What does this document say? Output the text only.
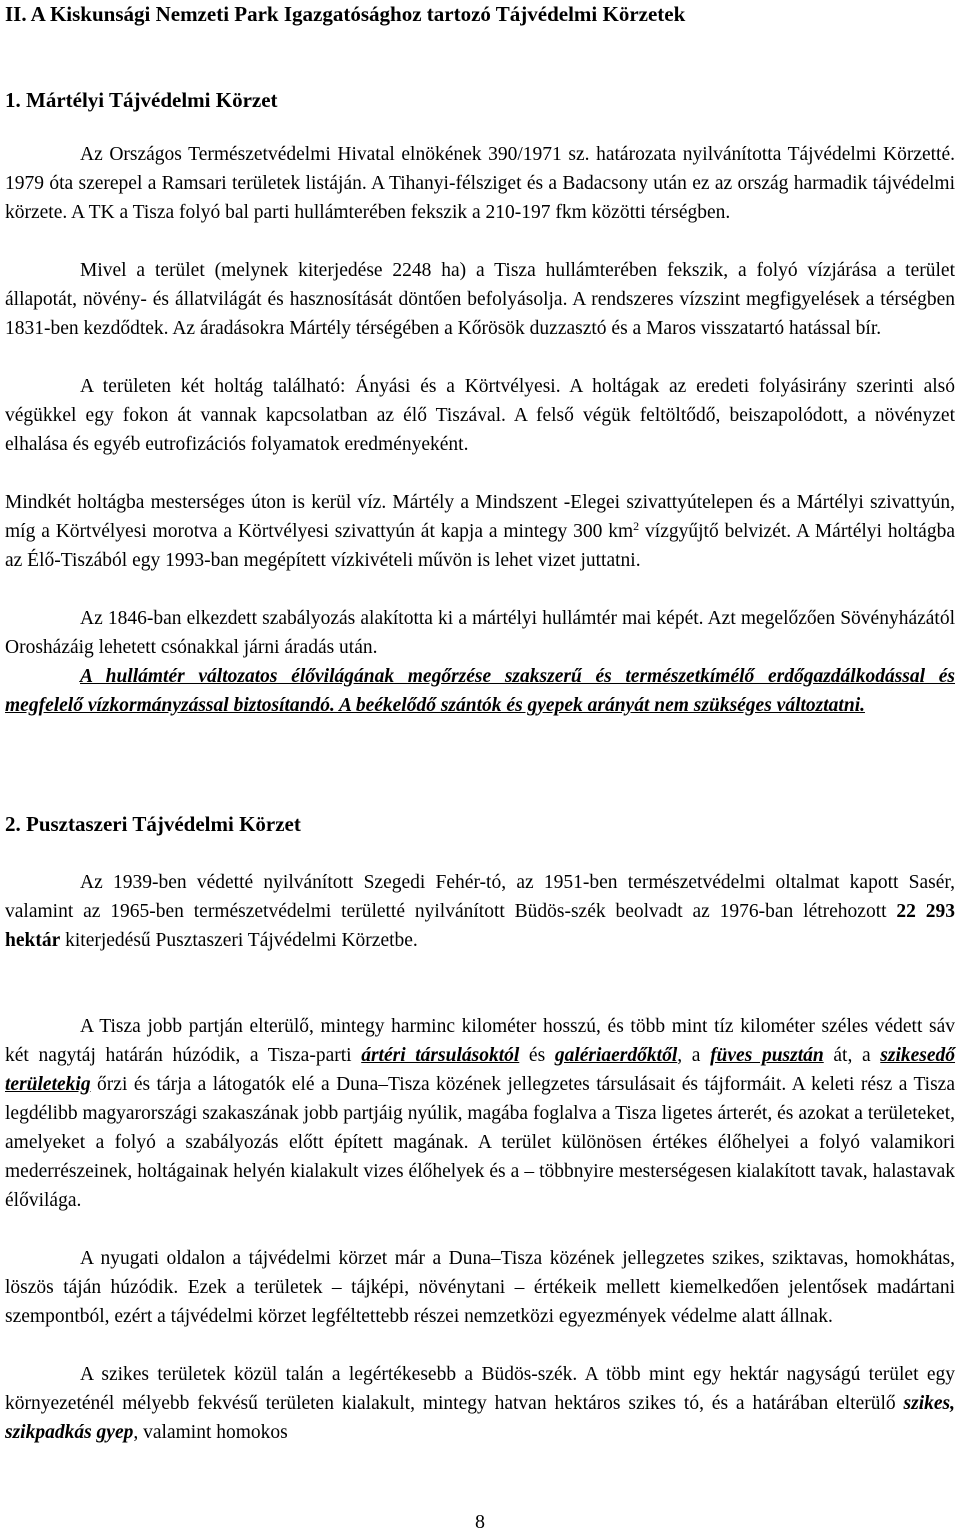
II. A Kiskunsági Nemzeti Park Igazgatósághoz tartozó Tájvédelmi Körzetek
1. Mártélyi Tájvédelmi Körzet

Az Országos Természetvédelmi Hivatal elnökének 390/1971 sz. határozata nyilvánította Tájvédelmi Körzetté. 1979 óta szerepel a Ramsari területek listáján. A Tihanyi-félsziget és a Badacsony után ez az ország harmadik tájvédelmi körzete. A TK a Tisza folyó bal parti hullámterében fekszik a 210-197 fkm közötti térségben.

Mivel a terület (melynek kiterjedése 2248 ha) a Tisza hullámterében fekszik, a folyó vízjárása a terület állapotát, növény- és állatvilágát és hasznosítását döntően befolyásolja. A rendszeres vízszint megfigyelések a térségben 1831-ben kezdődtek. Az áradásokra Mártély térségében a Kőrösök duzzasztó és a Maros visszatartó hatással bír.

A területen két holtág található: Ányási és a Körtvélyesi. A holtágak az eredeti folyásirány szerinti alsó végükkel egy fokon át vannak kapcsolatban az élő Tiszával. A felső végük feltöltődő, beiszapolódott, a növényzet elhalása és egyéb eutrofizációs folyamatok eredményeként.

Mindkét holtágba mesterséges úton is kerül víz. Mártély a Mindszent -Elegei szivattyútelepen és a Mártélyi szivattyún, míg a Körtvélyesi morotva a Körtvélyesi szivattyún át kapja a mintegy 300 $km^2$ vízgyűjtő belvizét. A Mártélyi holtágba az Élő-Tiszából egy 1993-ban megépített vízkivételi művön is lehet vizet juttatni.

Az 1846-ban elkezdett szabályozás alakította ki a mártélyi hullámtér mai képét. Azt megelőzően Sövényházától Orosházáig lehetett csónakkal járni áradás után.

A hullámtér változatos élővilágának megőrzése szakszerű és természetkímélő erdőgazdálkodással és megfelelő vízkormányzással biztosítandó. A beékelődő szántók és gyepek arányát nem szükséges változtatni.

2. Pusztaszeri Tájvédelmi Körzet

Az 1939-ben védetté nyilvánított Szegedi Fehér-tó, az 1951-ben természetvédelmi oltalmat kapott Sasér, valamint az 1965-ben természetvédelmi területté nyilvánított Büdös-szék beolvadt az 1976-ban létrehozott 22 293 hektár kiterjedésű Pusztaszeri Tájvédelmi Körzetbe.

A Tisza jobb partján elterülő, mintegy harminc kilométer hosszú, és több mint tíz kilométer széles védett sáv két nagytáj határán húzódik, a Tisza-parti ártéri társulásoktól és galériaerdőktől, a füves pusztán át, a szikesedő területekig őrzi és tárja a látogatók elé a Duna–Tisza közének jellegzetes társulásait és tájformáit. A keleti rész a Tisza legdélibb magyarországi szakaszának jobb partjáig nyúlik, magába foglalva a Tisza ligetes árterét, és azokat a területeket, amelyeket a folyó a szabályozás előtt épített magának. A terület különösen értékes élőhelyei a folyó valamikori mederrészeinek, holtágainak helyén kialakult vizes élőhelyek és a – többnyire mesterségesen kialakított tavak, halastavak élővilága.

A nyugati oldalon a tájvédelmi körzet már a Duna–Tisza közének jellegzetes szikes, sziktavas, homokhátas, löszös táján húzódik. Ezek a területek – tájképi, növénytani – értékeik mellett kiemelkedően jelentősek madártani szempontból, ezért a tájvédelmi körzet legféltettebb részei nemzetközi egyezmények védelme alatt állnak.

A szikes területek közül talán a legértékesebb a Büdös-szék. A több mint egy hektár nagyságú terület egy környezeténél mélyebb fekvésű területen kialakult, mintegy hatvan hektáros szikes tó, és a határában elterülő szikes, szikpadkás gyep, valamint homokos

8
